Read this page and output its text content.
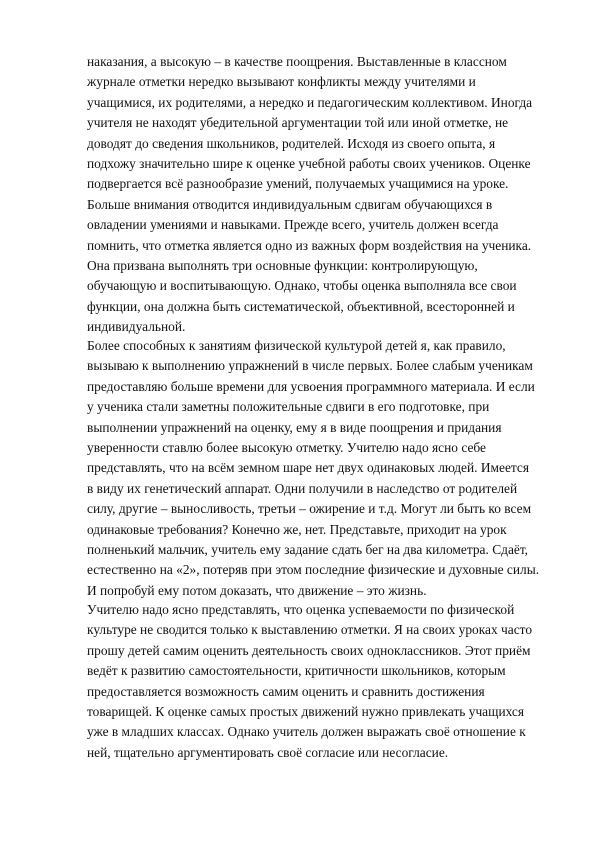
наказания, а высокую – в качестве поощрения. Выставленные в классном
журнале отметки нередко вызывают конфликты между учителями и
учащимися, их родителями, а нередко и педагогическим коллективом. Иногда
учителя не находят убедительной аргументации той или иной отметке, не
доводят до сведения школьников, родителей. Исходя из своего опыта, я
подхожу значительно шире к оценке учебной работы своих учеников. Оценке
подвергается всё разнообразие умений, получаемых учащимися на уроке.
Больше внимания отводится индивидуальным сдвигам обучающихся в
овладении умениями и навыками. Прежде всего, учитель должен всегда
помнить, что отметка является одно из важных форм воздействия на ученика.
Она призвана выполнять три основные функции: контролирующую,
обучающую и воспитывающую. Однако, чтобы оценка выполняла все свои
функции, она должна быть систематической, объективной, всесторонней и
индивидуальной.
Более способных к занятиям физической культурой детей я, как правило,
вызываю к выполнению упражнений в числе первых. Более слабым ученикам
предоставляю больше времени для усвоения программного материала. И если
у ученика стали заметны положительные сдвиги в его подготовке, при
выполнении упражнений на оценку, ему я в виде поощрения и придания
уверенности ставлю более высокую отметку. Учителю надо ясно себе
представлять, что на всём земном шаре нет двух одинаковых людей. Имеется
в виду их генетический аппарат. Одни получили в наследство от родителей
силу, другие – выносливость, третьи – ожирение и т.д. Могут ли быть ко всем
одинаковые требования? Конечно же, нет. Представьте, приходит на урок
полненький мальчик, учитель ему задание сдать бег на два километра. Сдаёт,
естественно на «2», потеряв при этом последние физические и духовные силы.
И попробуй ему потом доказать, что движение – это жизнь.
Учителю надо ясно представлять, что оценка успеваемости по физической
культуре не сводится только к выставлению отметки. Я на своих уроках часто
прошу детей самим оценить деятельность своих одноклассников. Этот приём
ведёт к развитию самостоятельности, критичности школьников, которым
предоставляется возможность самим оценить и сравнить достижения
товарищей. К оценке самых простых движений нужно привлекать учащихся
уже в младших классах. Однако учитель должен выражать своё отношение к
ней, тщательно аргументировать своё согласие или несогласие.
